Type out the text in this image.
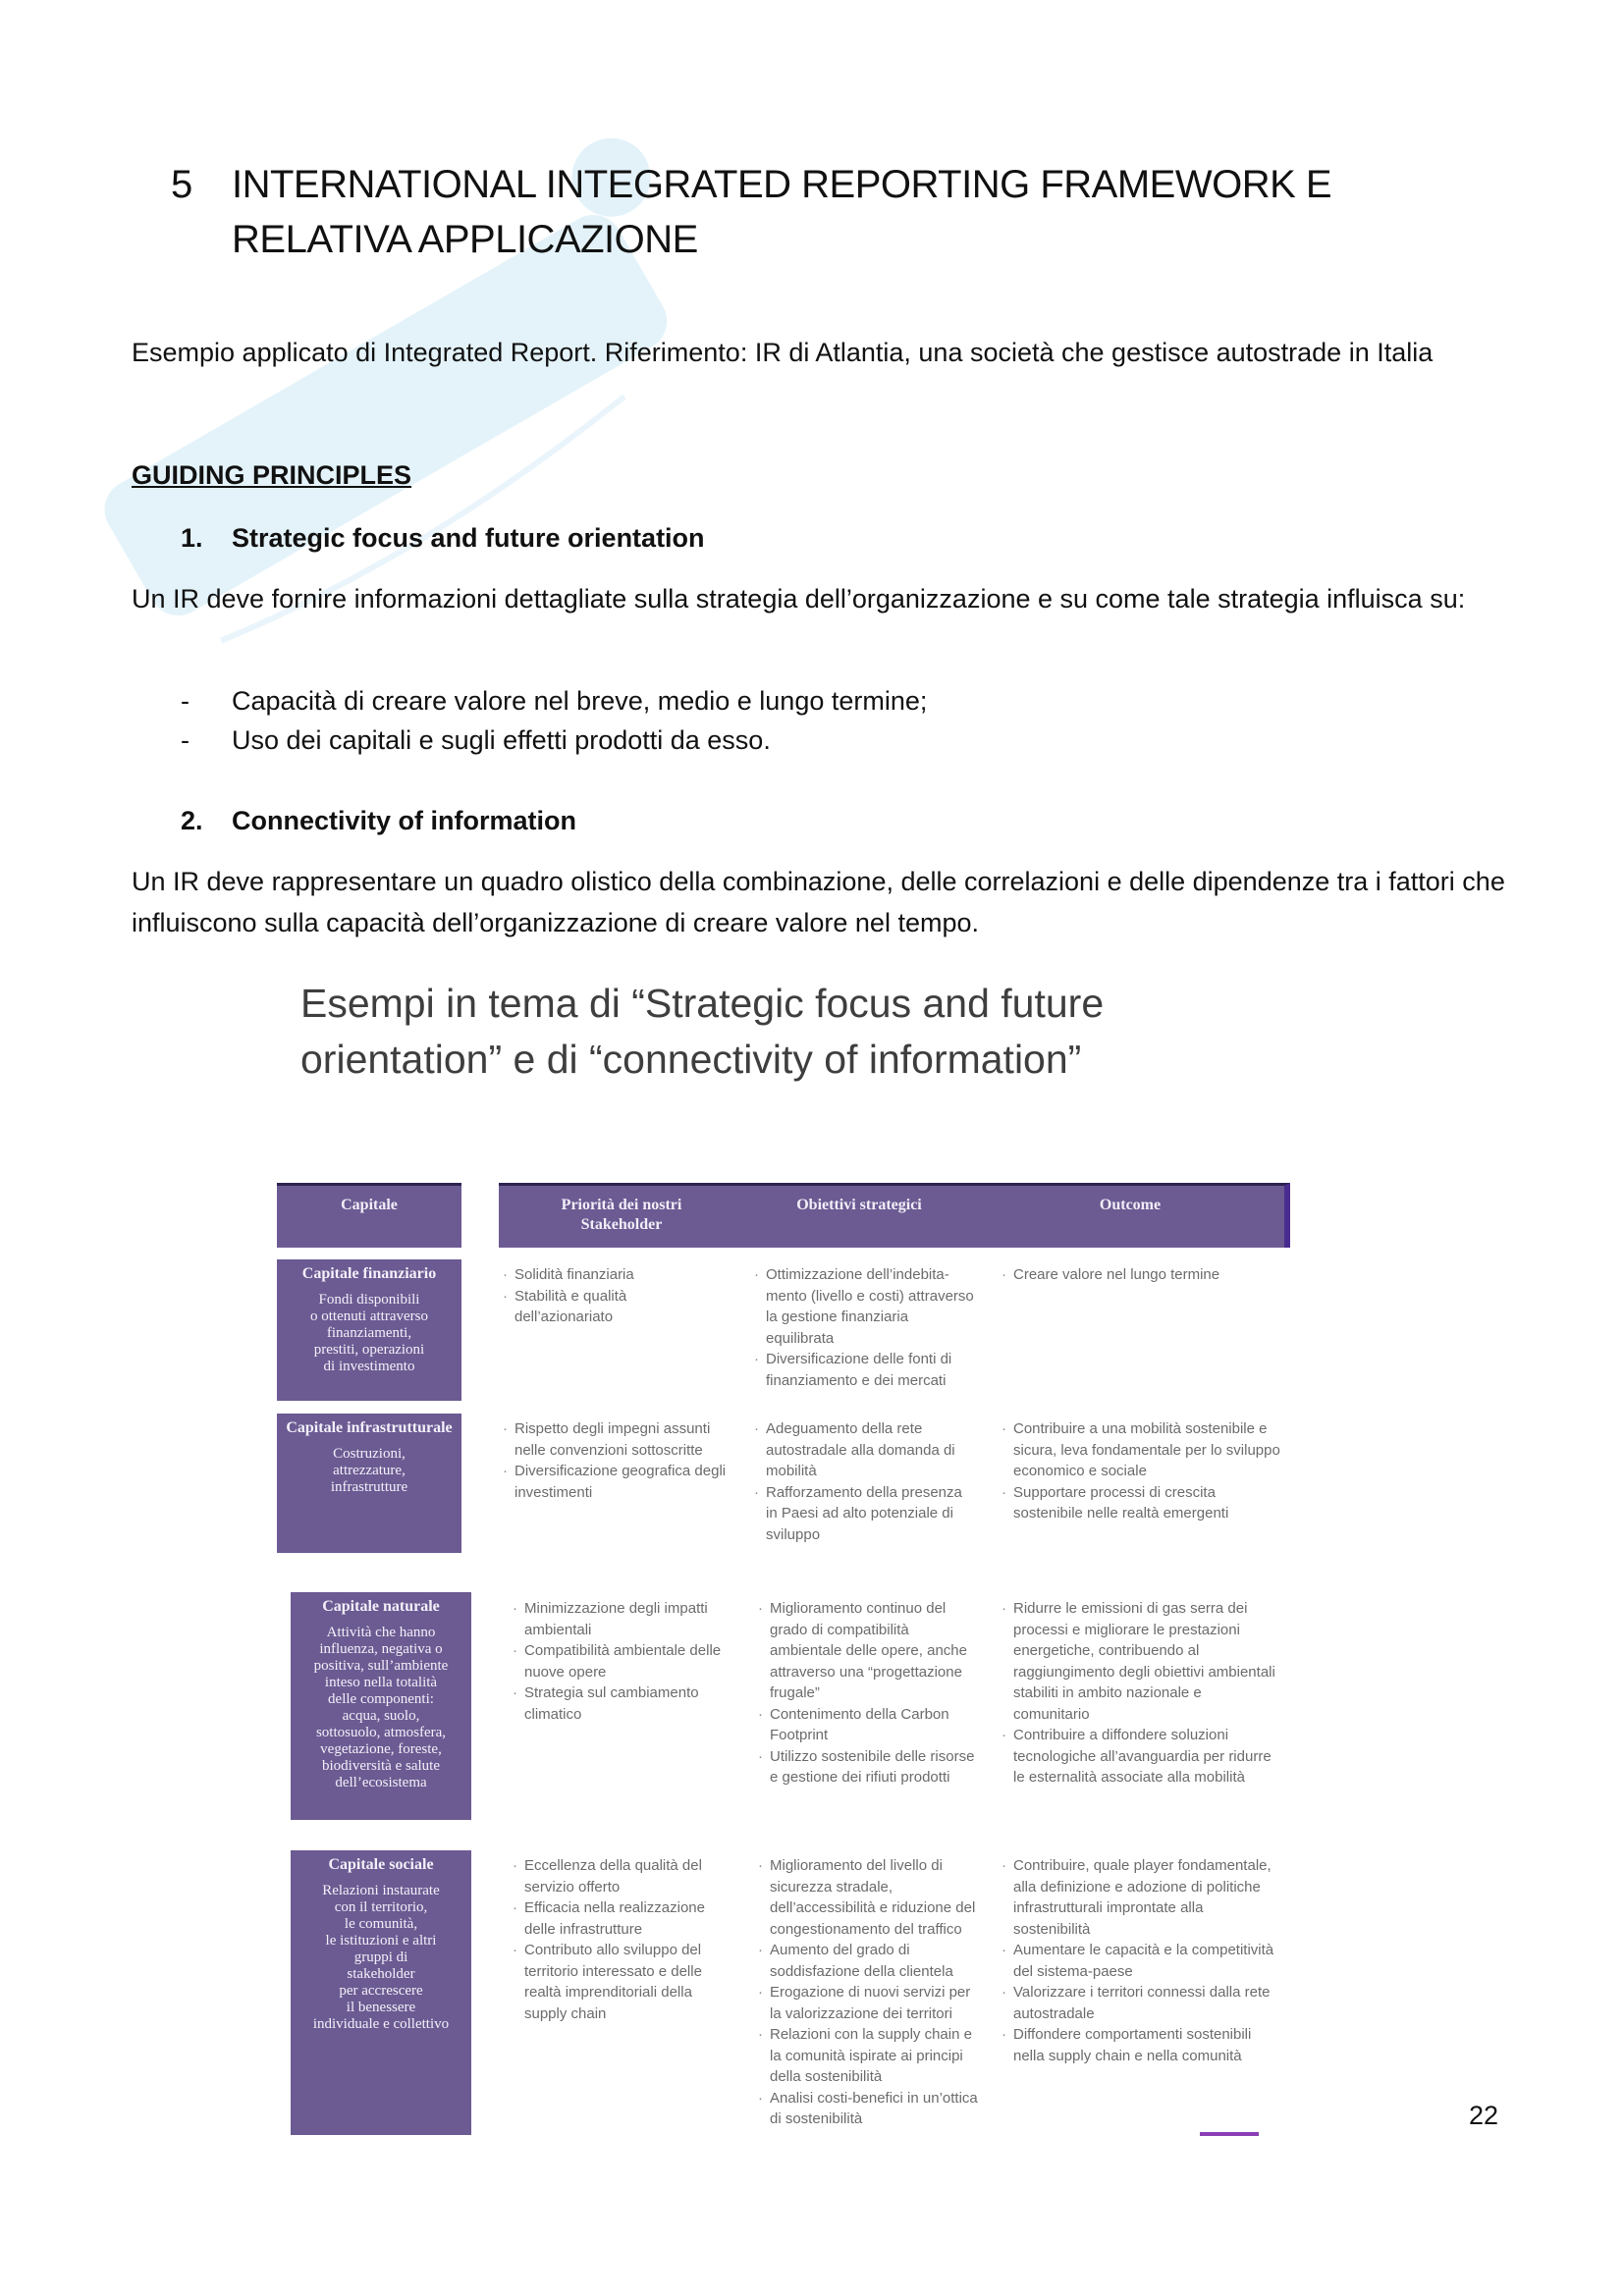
5 INTERNATIONAL INTEGRATED REPORTING FRAMEWORK E RELATIVA APPLICAZIONE
Esempio applicato di Integrated Report. Riferimento: IR di Atlantia, una società che gestisce autostrade in Italia
GUIDING PRINCIPLES
1. Strategic focus and future orientation
Un IR deve fornire informazioni dettagliate sulla strategia dell’organizzazione e su come tale strategia influisca su:
- Capacità di creare valore nel breve, medio e lungo termine;
- Uso dei capitali e sugli effetti prodotti da esso.
2. Connectivity of information
Un IR deve rappresentare un quadro olistico della combinazione, delle correlazioni e delle dipendenze tra i fattori che influiscono sulla capacità dell’organizzazione di creare valore nel tempo.
Esempi in tema di “Strategic focus and future orientation” e di “connectivity of information”
Capitale	Priorità dei nostri Stakeholder
Obiettivi strategici	Outcome
Capitale finanziario
Fondi disponibili
o ottenuti attraverso
finanziamenti,
prestiti, operazioni
di investimento
· Solidità finanziaria
· Stabilità e qualità dell’azionariato
· Ottimizzazione dell’indebita-mento (livello e costi) attraverso la gestione finanziaria equilibrata
· Diversificazione delle fonti di finanziamento e dei mercati
· Creare valore nel lungo termine
Capitale infrastrutturale
Costruzioni,
attrezzature,
infrastrutture
· Rispetto degli impegni assunti nelle convenzioni sottoscritte
· Diversificazione geografica degli investimenti
· Adeguamento della rete autostradale alla domanda di mobilità
· Rafforzamento della presenza in Paesi ad alto potenziale di sviluppo
· Contribuire a una mobilità sostenibile e sicura, leva fondamentale per lo sviluppo economico e sociale
· Supportare processi di crescita sostenibile nelle realtà emergenti
Capitale naturale
Attività che hanno
influenza, negativa o
positiva, sull’ambiente
inteso nella totalità
delle componenti:
acqua, suolo,
sottosuolo, atmosfera,
vegetazione, foreste,
biodiversità e salute
dell’ecosistema
· Minimizzazione degli impatti ambientali
· Compatibilità ambientale delle nuove opere
· Strategia sul cambiamento climatico
· Miglioramento continuo del grado di compatibilità ambientale delle opere, anche attraverso una “progettazione frugale”
· Contenimento della Carbon Footprint
· Utilizzo sostenibile delle risorse e gestione dei rifiuti prodotti
· Ridurre le emissioni di gas serra dei processi e migliorare le prestazioni energetiche, contribuendo al raggiungimento degli obiettivi ambientali stabiliti in ambito nazionale e comunitario
· Contribuire a diffondere soluzioni tecnologiche all’avanguardia per ridurre le esternalità associate alla mobilità
Capitale sociale
Relazioni instaurate
con il territorio,
le comunità,
le istituzioni e altri
gruppi di
stakeholder
per accrescere
il benessere
individuale e collettivo
· Eccellenza della qualità del servizio offerto
· Efficacia nella realizzazione delle infrastrutture
· Contributo allo sviluppo del territorio interessato e delle realtà imprenditoriali della supply chain
· Miglioramento del livello di sicurezza stradale, dell’accessibilità e riduzione del congestionamento del traffico
· Aumento del grado di soddisfazione della clientela
· Erogazione di nuovi servizi per la valorizzazione dei territori
· Relazioni con la supply chain e la comunità ispirate ai principi della sostenibilità
· Analisi costi-benefici in un’ottica di sostenibilità
· Contribuire, quale player fondamentale, alla definizione e adozione di politiche infrastrutturali improntate alla sostenibilità
· Aumentare le capacità e la competitività del sistema-paese
· Valorizzare i territori connessi dalla rete autostradale
· Diffondere comportamenti sostenibili nella supply chain e nella comunità
22
